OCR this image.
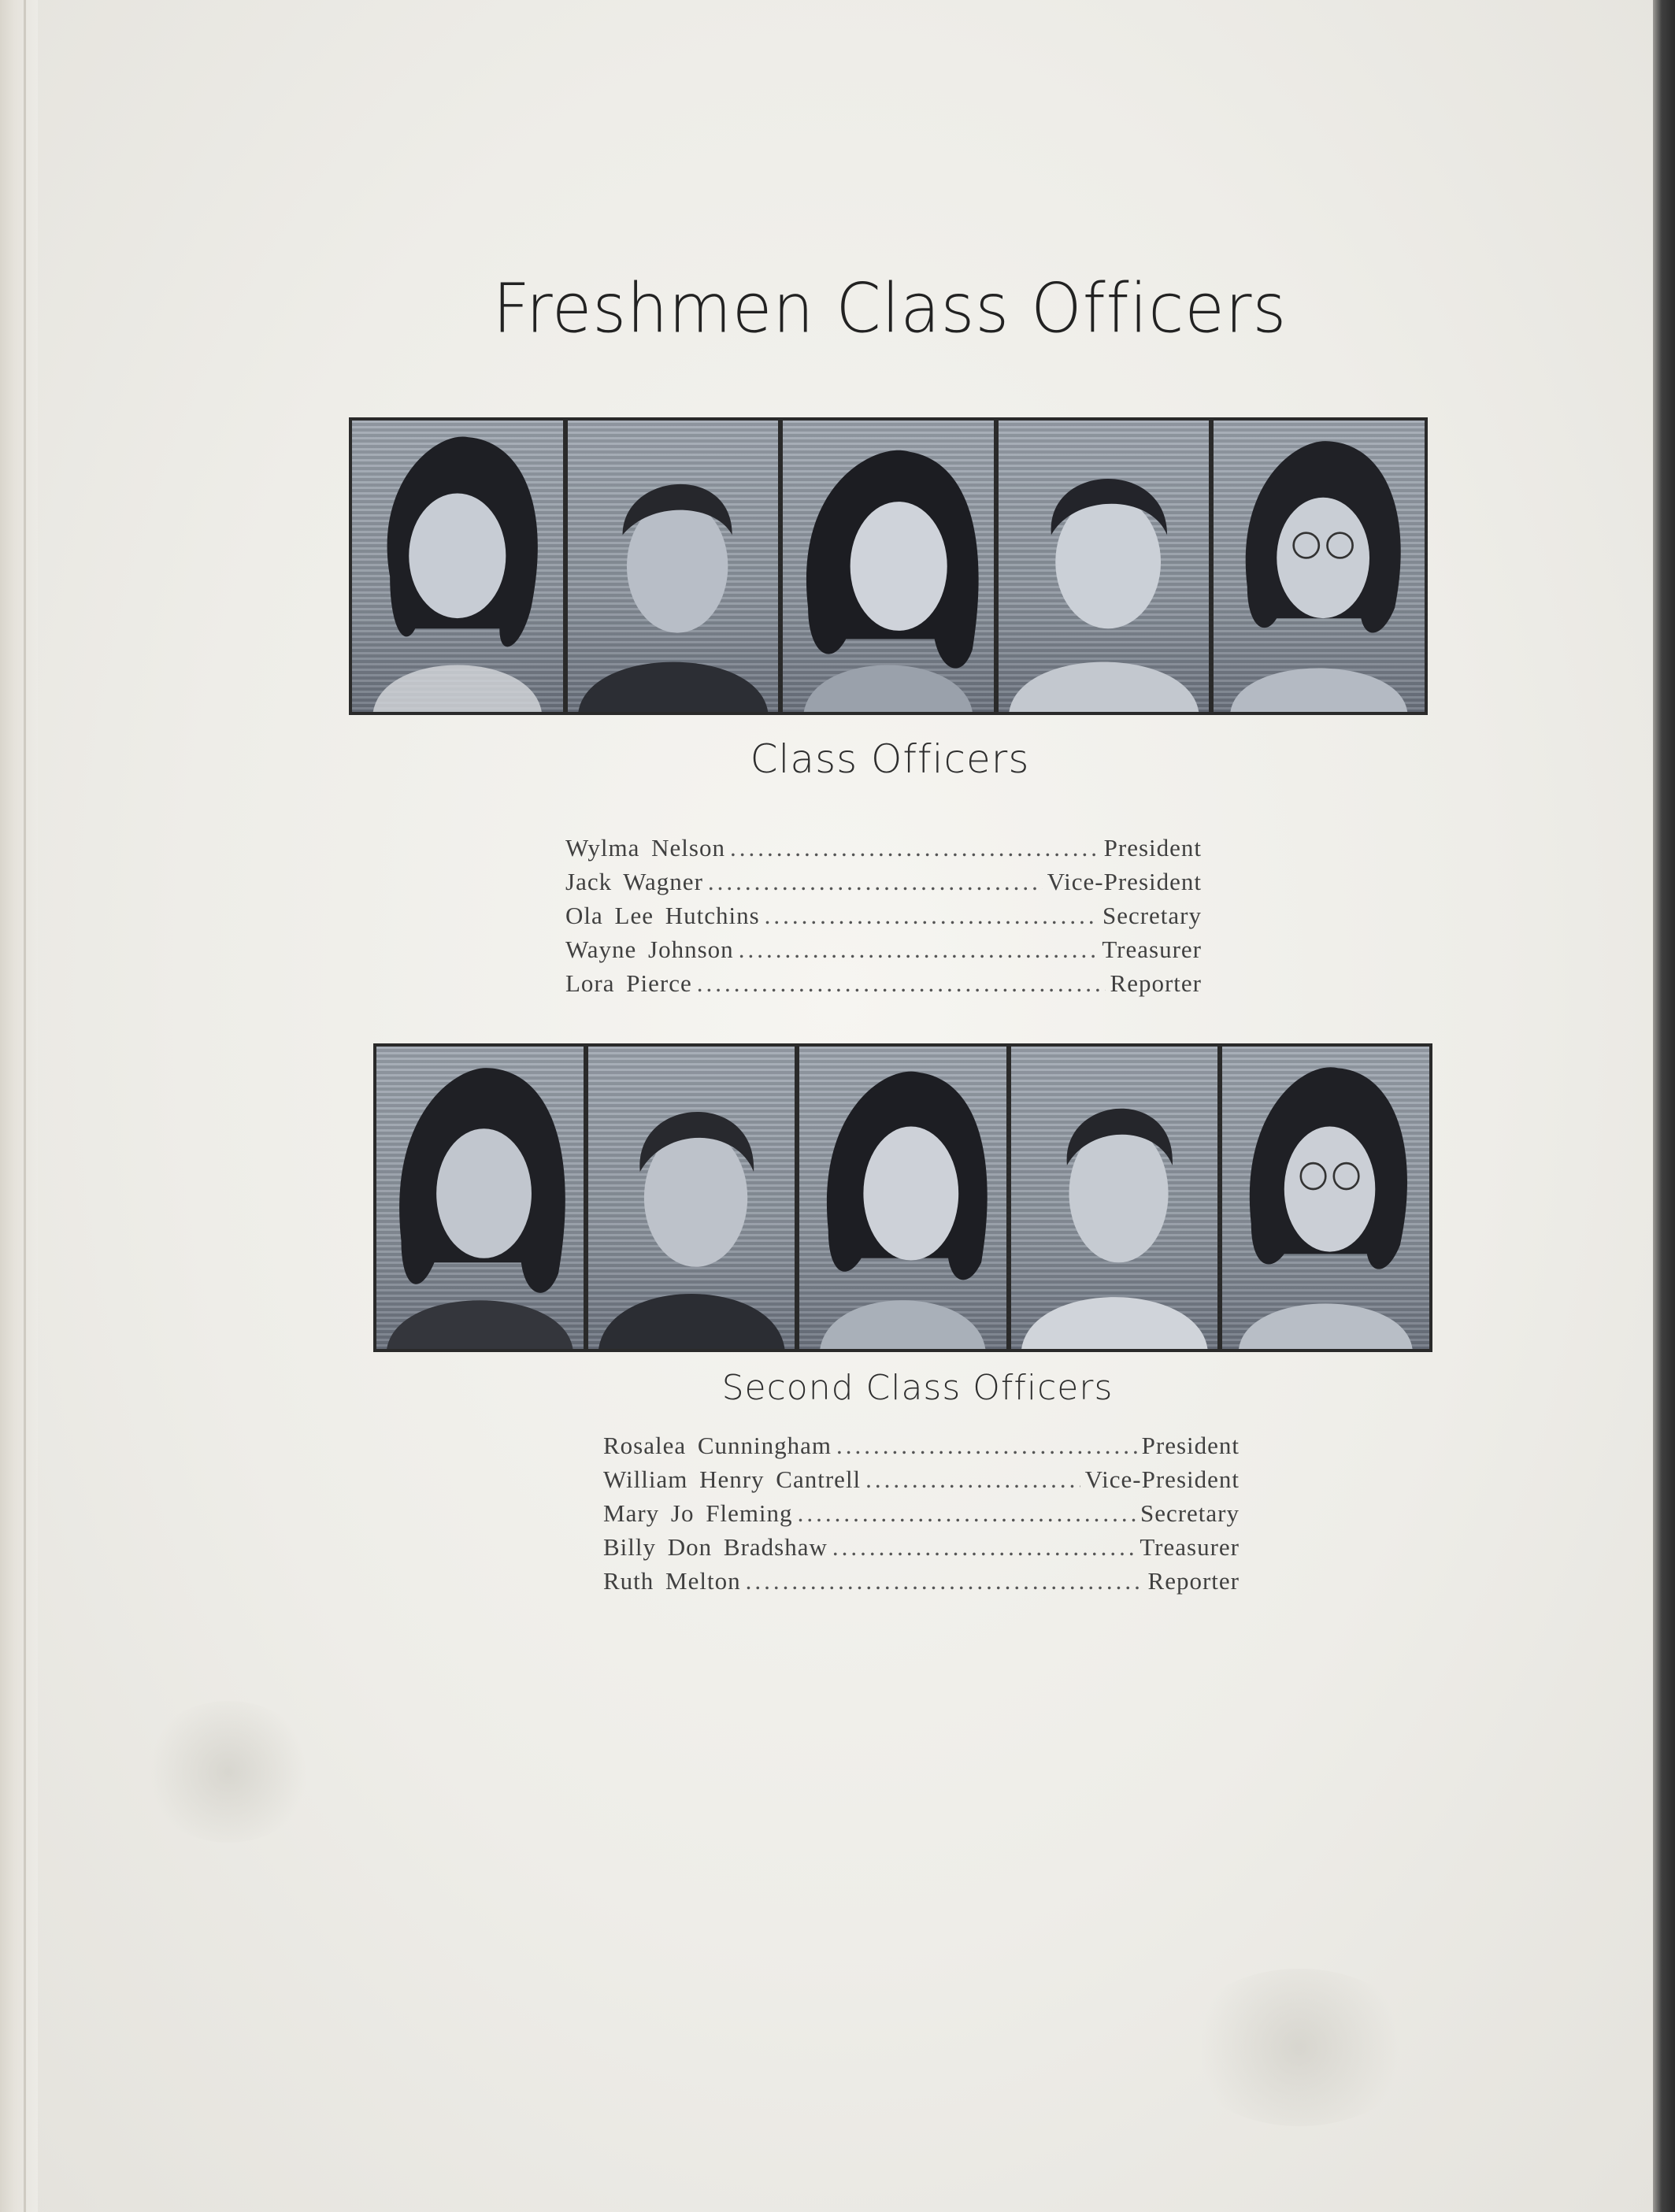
Freshmen Class Officers
Class Officers
Wylma Nelson .....	President
Jack Wagner .....	Vice-President
Ola Lee Hutchins .....	Secretary
Wayne Johnson .....	Treasurer
Lora Pierce .....	Reporter
Second Class Officers
Rosalea Cunningham .....	President
William Henry Cantrell .....	Vice-President
Mary Jo Fleming .....	Secretary
Billy Don Bradshaw .....	Treasurer
Ruth Melton .....	Reporter
